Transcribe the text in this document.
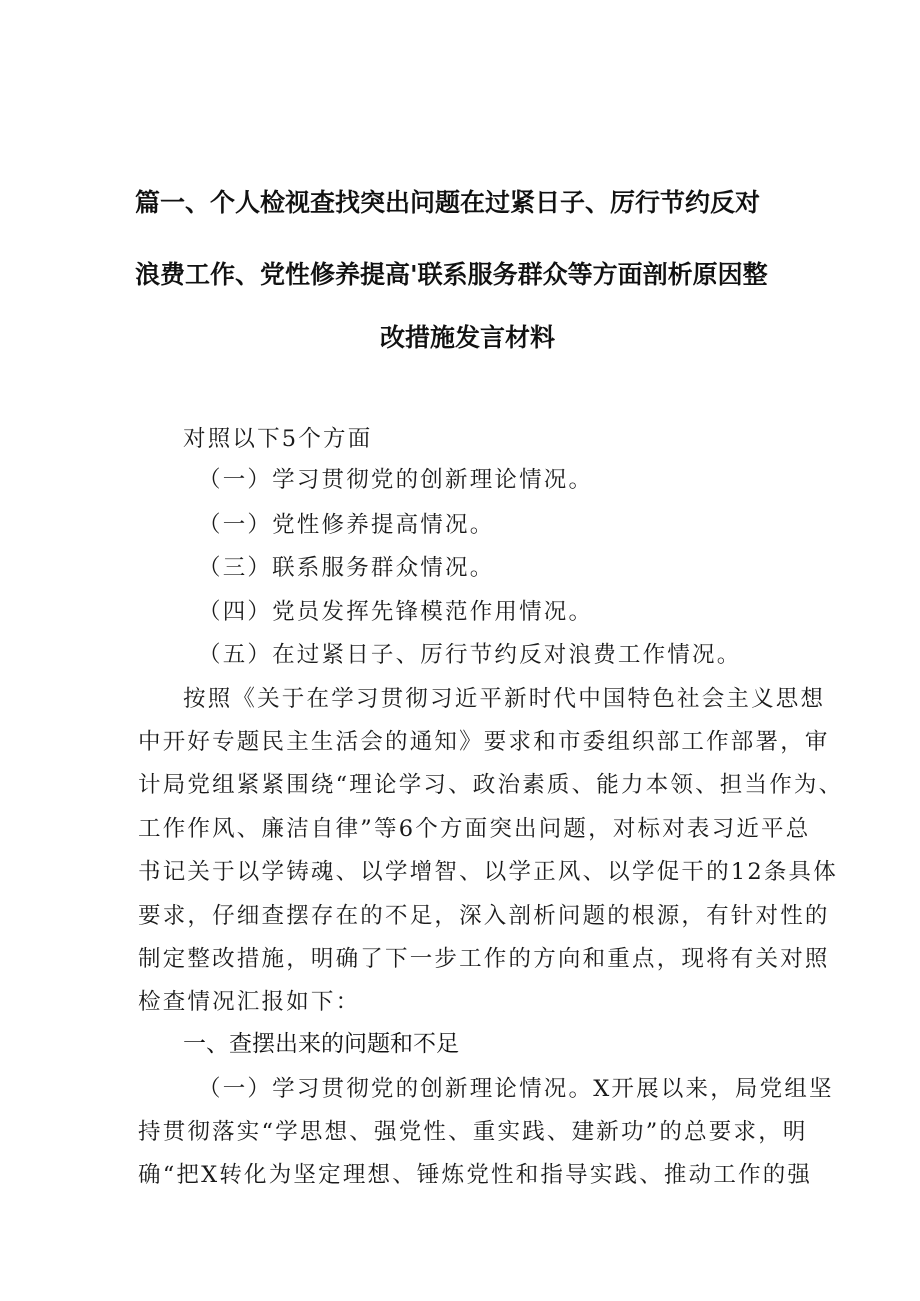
篇一、个人检视查找突出问题在过紧日子、厉行节约反对
浪费工作、党性修养提高'联系服务群众等方面剖析原因整
改措施发言材料
对照以下5个方面
（一）学习贯彻党的创新理论情况。
（一）党性修养提高情况。
（三）联系服务群众情况。
（四）党员发挥先锋模范作用情况。
（五）在过紧日子、厉行节约反对浪费工作情况。
按照《关于在学习贯彻习近平新时代中国特色社会主义思想
中开好专题民主生活会的通知》要求和市委组织部工作部署，审
计局党组紧紧围绕“理论学习、政治素质、能力本领、担当作为、
工作作风、廉洁自律”等6个方面突出问题，对标对表习近平总
书记关于以学铸魂、以学增智、以学正风、以学促干的12条具体
要求，仔细查摆存在的不足，深入剖析问题的根源，有针对性的
制定整改措施，明确了下一步工作的方向和重点，现将有关对照
检查情况汇报如下：
一、查摆出来的问题和不足
（一）学习贯彻党的创新理论情况。X开展以来，局党组坚
持贯彻落实“学思想、强党性、重实践、建新功”的总要求，明
确“把X转化为坚定理想、锤炼党性和指导实践、推动工作的强
